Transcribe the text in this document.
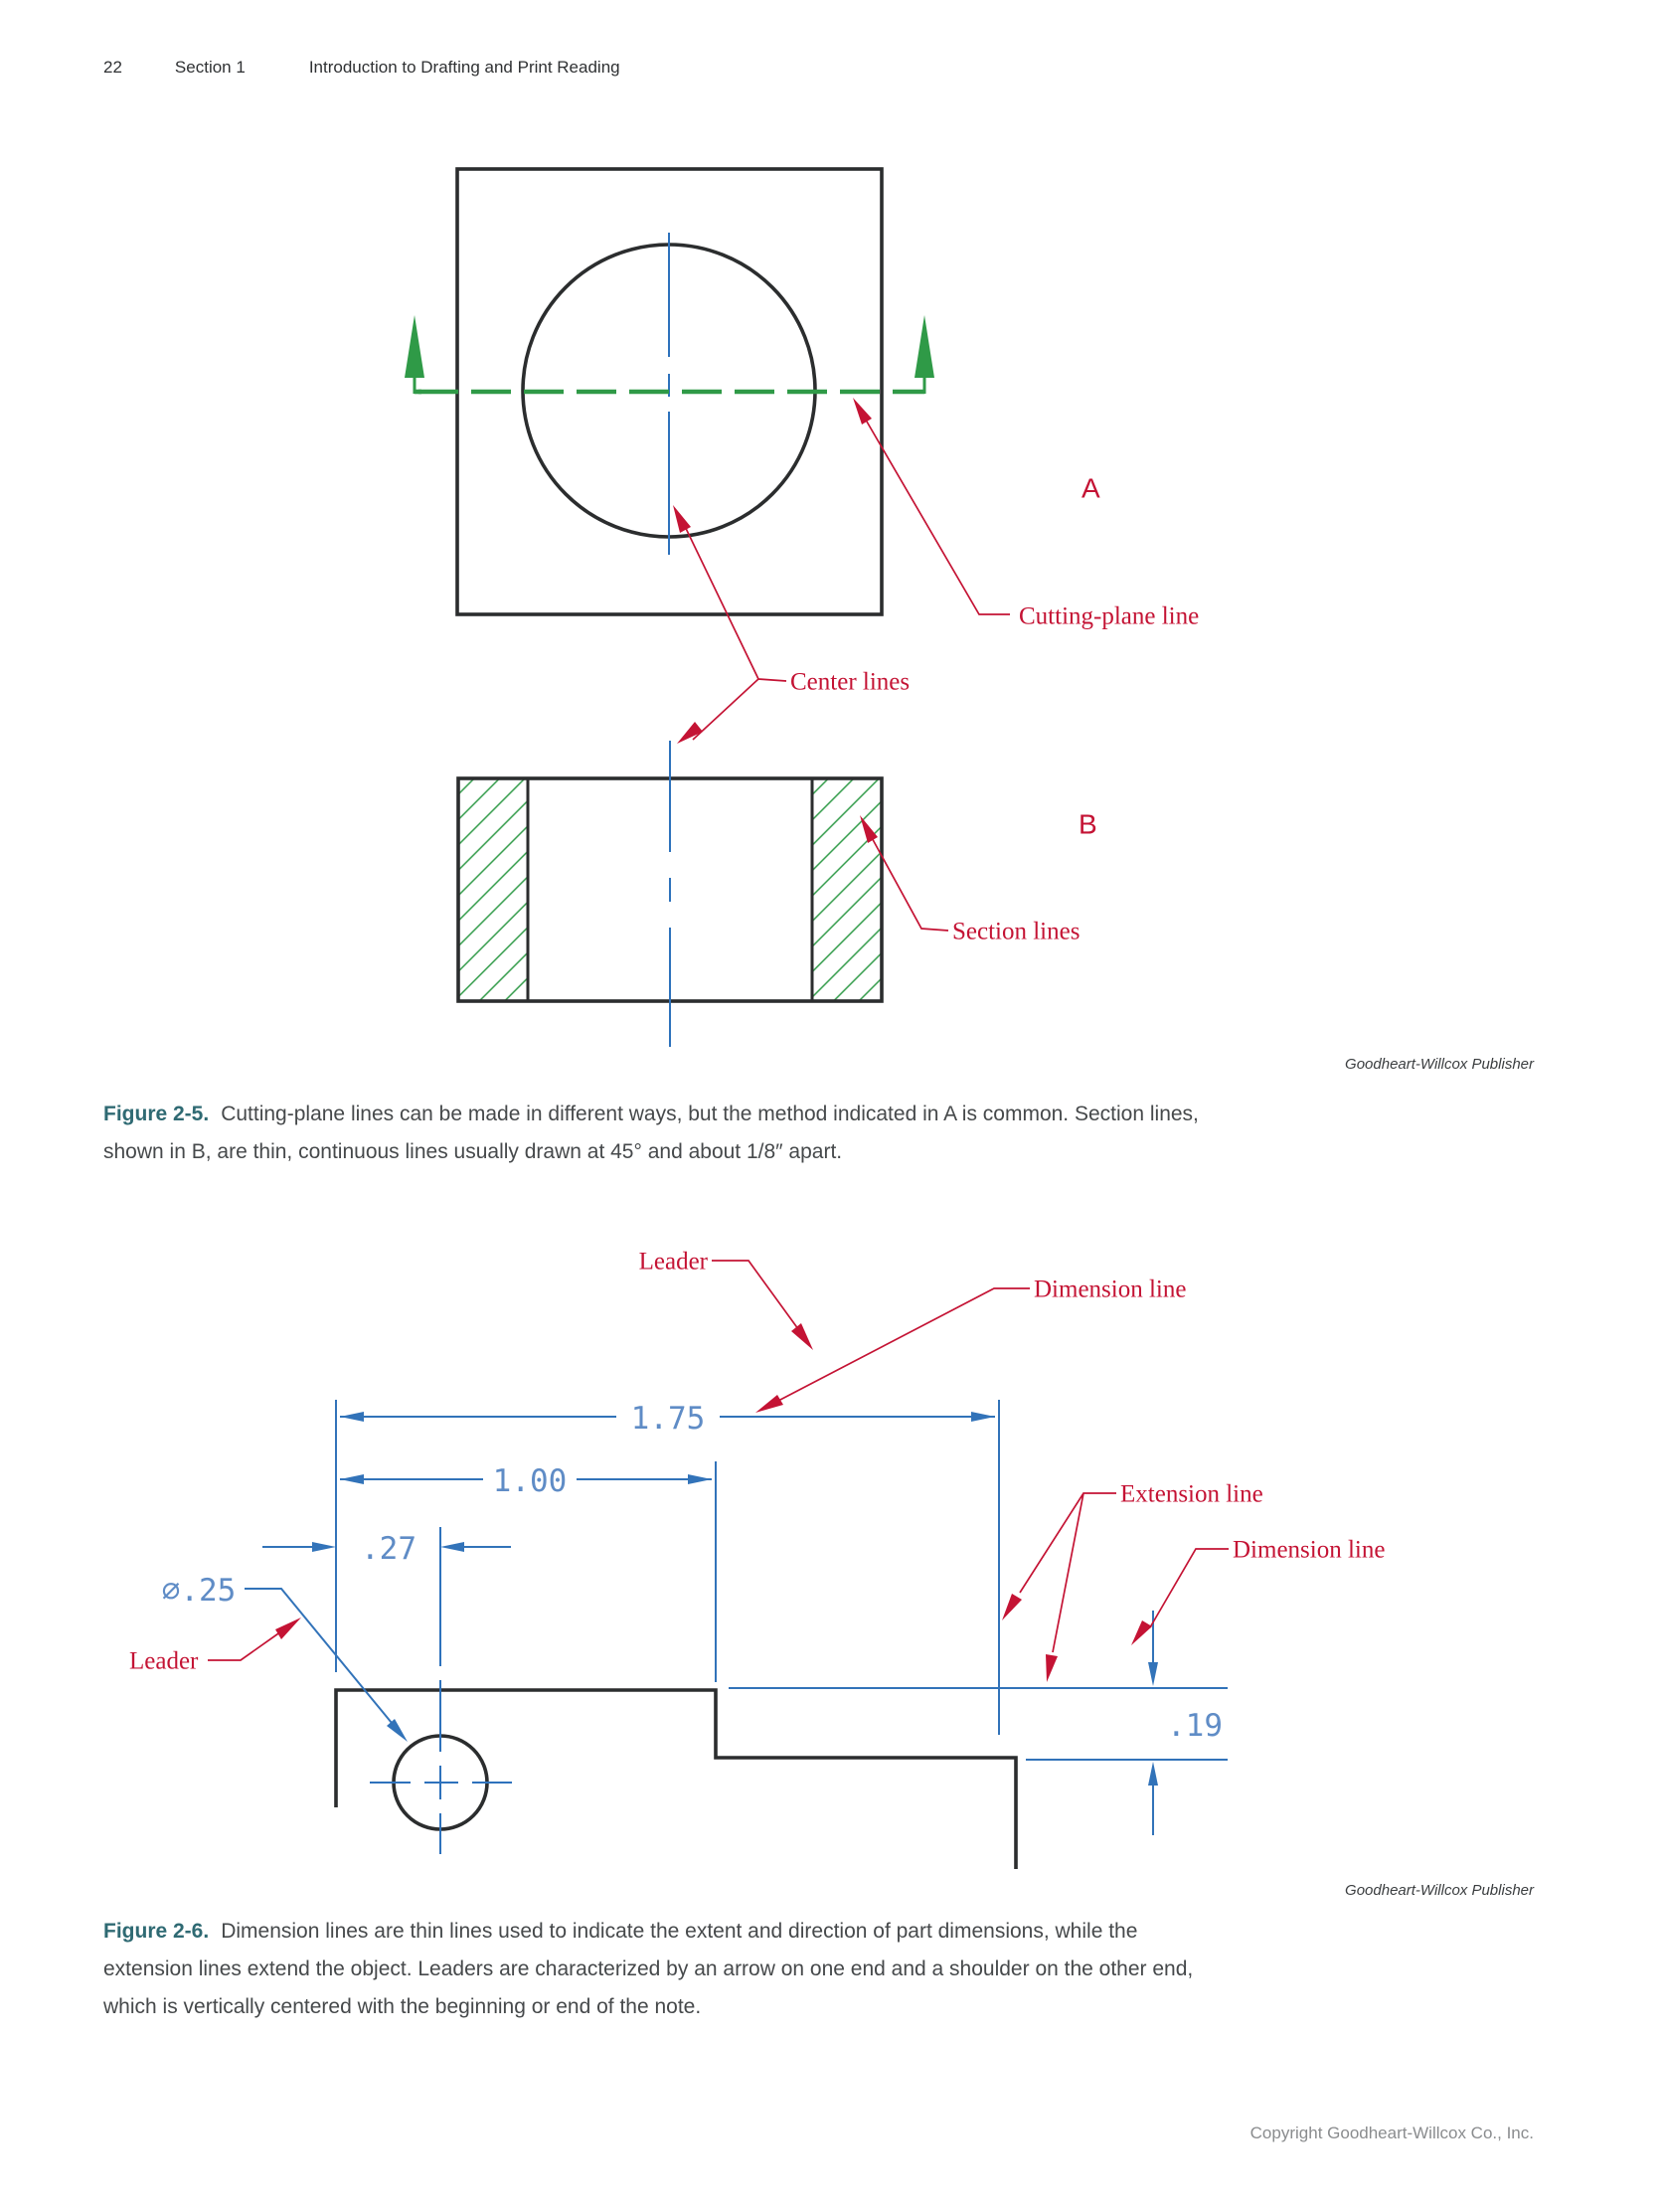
22	Section 1	Introduction to Drafting and Print Reading
Cutting-plane line
Center lines
Section lines
A
B
1.75
1.00
.27
.19
⌀.25
Leader
Dimension line
Extension line
Dimension line
Leader
Goodheart-Willcox Publisher
Figure 2-5. Cutting-plane lines can be made in different ways, but the method indicated in A is common. Section lines,
shown in B, are thin, continuous lines usually drawn at 45° and about 1/8″ apart.
Goodheart-Willcox Publisher
Figure 2-6. Dimension lines are thin lines used to indicate the extent and direction of part dimensions, while the
extension lines extend the object. Leaders are characterized by an arrow on one end and a shoulder on the other end,
which is vertically centered with the beginning or end of the note.
Copyright Goodheart-Willcox Co., Inc.
